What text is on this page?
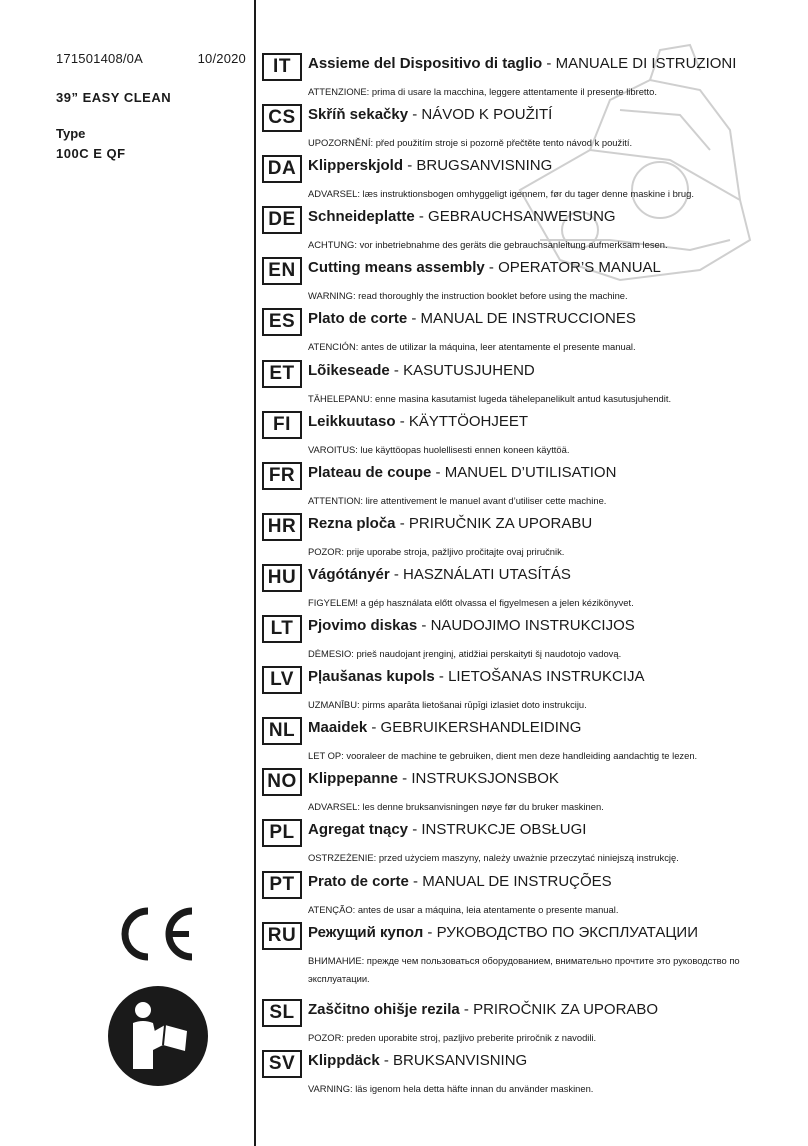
171501408/0A	10/2020
39” EASY CLEAN
Type
100C E QF
IT	Assieme del Dispositivo di taglio - MANUALE DI ISTRUZIONI
ATTENZIONE: prima di usare la macchina, leggere attentamente il presente libretto.
CS Skříň sekačky - NÁVOD K POUŽITÍ
UPOZORNĚNÍ: před použitím stroje si pozorně přečtěte tento návod k použití.
DA Klipperskjold - BRUGSANVISNING
ADVARSEL: læs instruktionsbogen omhyggeligt igennem, før du tager denne maskine i brug.
DE Schneideplatte - GEBRAUCHSANWEISUNG
ACHTUNG: vor inbetriebnahme des geräts die gebrauchsanleitung aufmerksam lesen.
EN Cutting means assembly - OPERATOR’S MANUAL
WARNING: read thoroughly the instruction booklet before using the machine.
ES Plato de corte - MANUAL DE INSTRUCCIONES
ATENCIÓN: antes de utilizar la máquina, leer atentamente el presente manual.
ET Lõikeseade - KASUTUSJUHEND
TÄHELEPANU: enne masina kasutamist lugeda tähelepanelikult antud kasutusjuhendit.
FI	Leikkuutaso - KÄYTTÖOHJEET
VAROITUS: lue käyttöopas huolellisesti ennen koneen käyttöä.
FR Plateau de coupe - MANUEL D’UTILISATION
ATTENTION: lire attentivement le manuel avant d’utiliser cette machine.
HR Rezna ploča - PRIRUČNIK ZA UPORABU
POZOR: prije uporabe stroja, pažljivo pročitajte ovaj priručnik.
HU Vágótányér - HASZNÁLATI UTASÍTÁS
FIGYELEM! a gép használata előtt olvassa el figyelmesen a jelen kézikönyvet.
LT Pjovimo diskas - NAUDOJIMO INSTRUKCIJOS
DĖMESIO: prieš naudojant įrenginį, atidžiai perskaityti šį naudotojo vadovą.
LV Pļaušanas kupols - LIETOŠANAS INSTRUKCIJA
UZMANĪBU: pirms aparāta lietošanai rūpīgi izlasiet doto instrukciju.
NL Maaidek - GEBRUIKERSHANDLEIDING
LET OP: vooraleer de machine te gebruiken, dient men deze handleiding aandachtig te lezen.
NO Klippepanne - INSTRUKSJONSBOK
ADVARSEL: les denne bruksanvisningen nøye før du bruker maskinen.
PL Agregat tnący - INSTRUKCJE OBSŁUGI
OSTRZEŻENIE: przed użyciem maszyny, należy uważnie przeczytać niniejszą instrukcję.
PT Prato de corte - MANUAL DE INSTRUÇÕES
ATENÇÃO: antes de usar a máquina, leia atentamente o presente manual.
RU Режущий купол - РУКОВОДСТВО ПО ЭКСПЛУАТАЦИИ
ВНИМАНИЕ: прежде чем пользоваться оборудованием, внимательно прочтите это руководство по эксплуатации.
SL Zaščitno ohišje rezila - PRIROČNIK ZA UPORABO
POZOR: preden uporabite stroj, pazljivo preberite priročnik z navodili.
SV Klippdäck - BRUKSANVISNING
VARNING: läs igenom hela detta häfte innan du använder maskinen.
